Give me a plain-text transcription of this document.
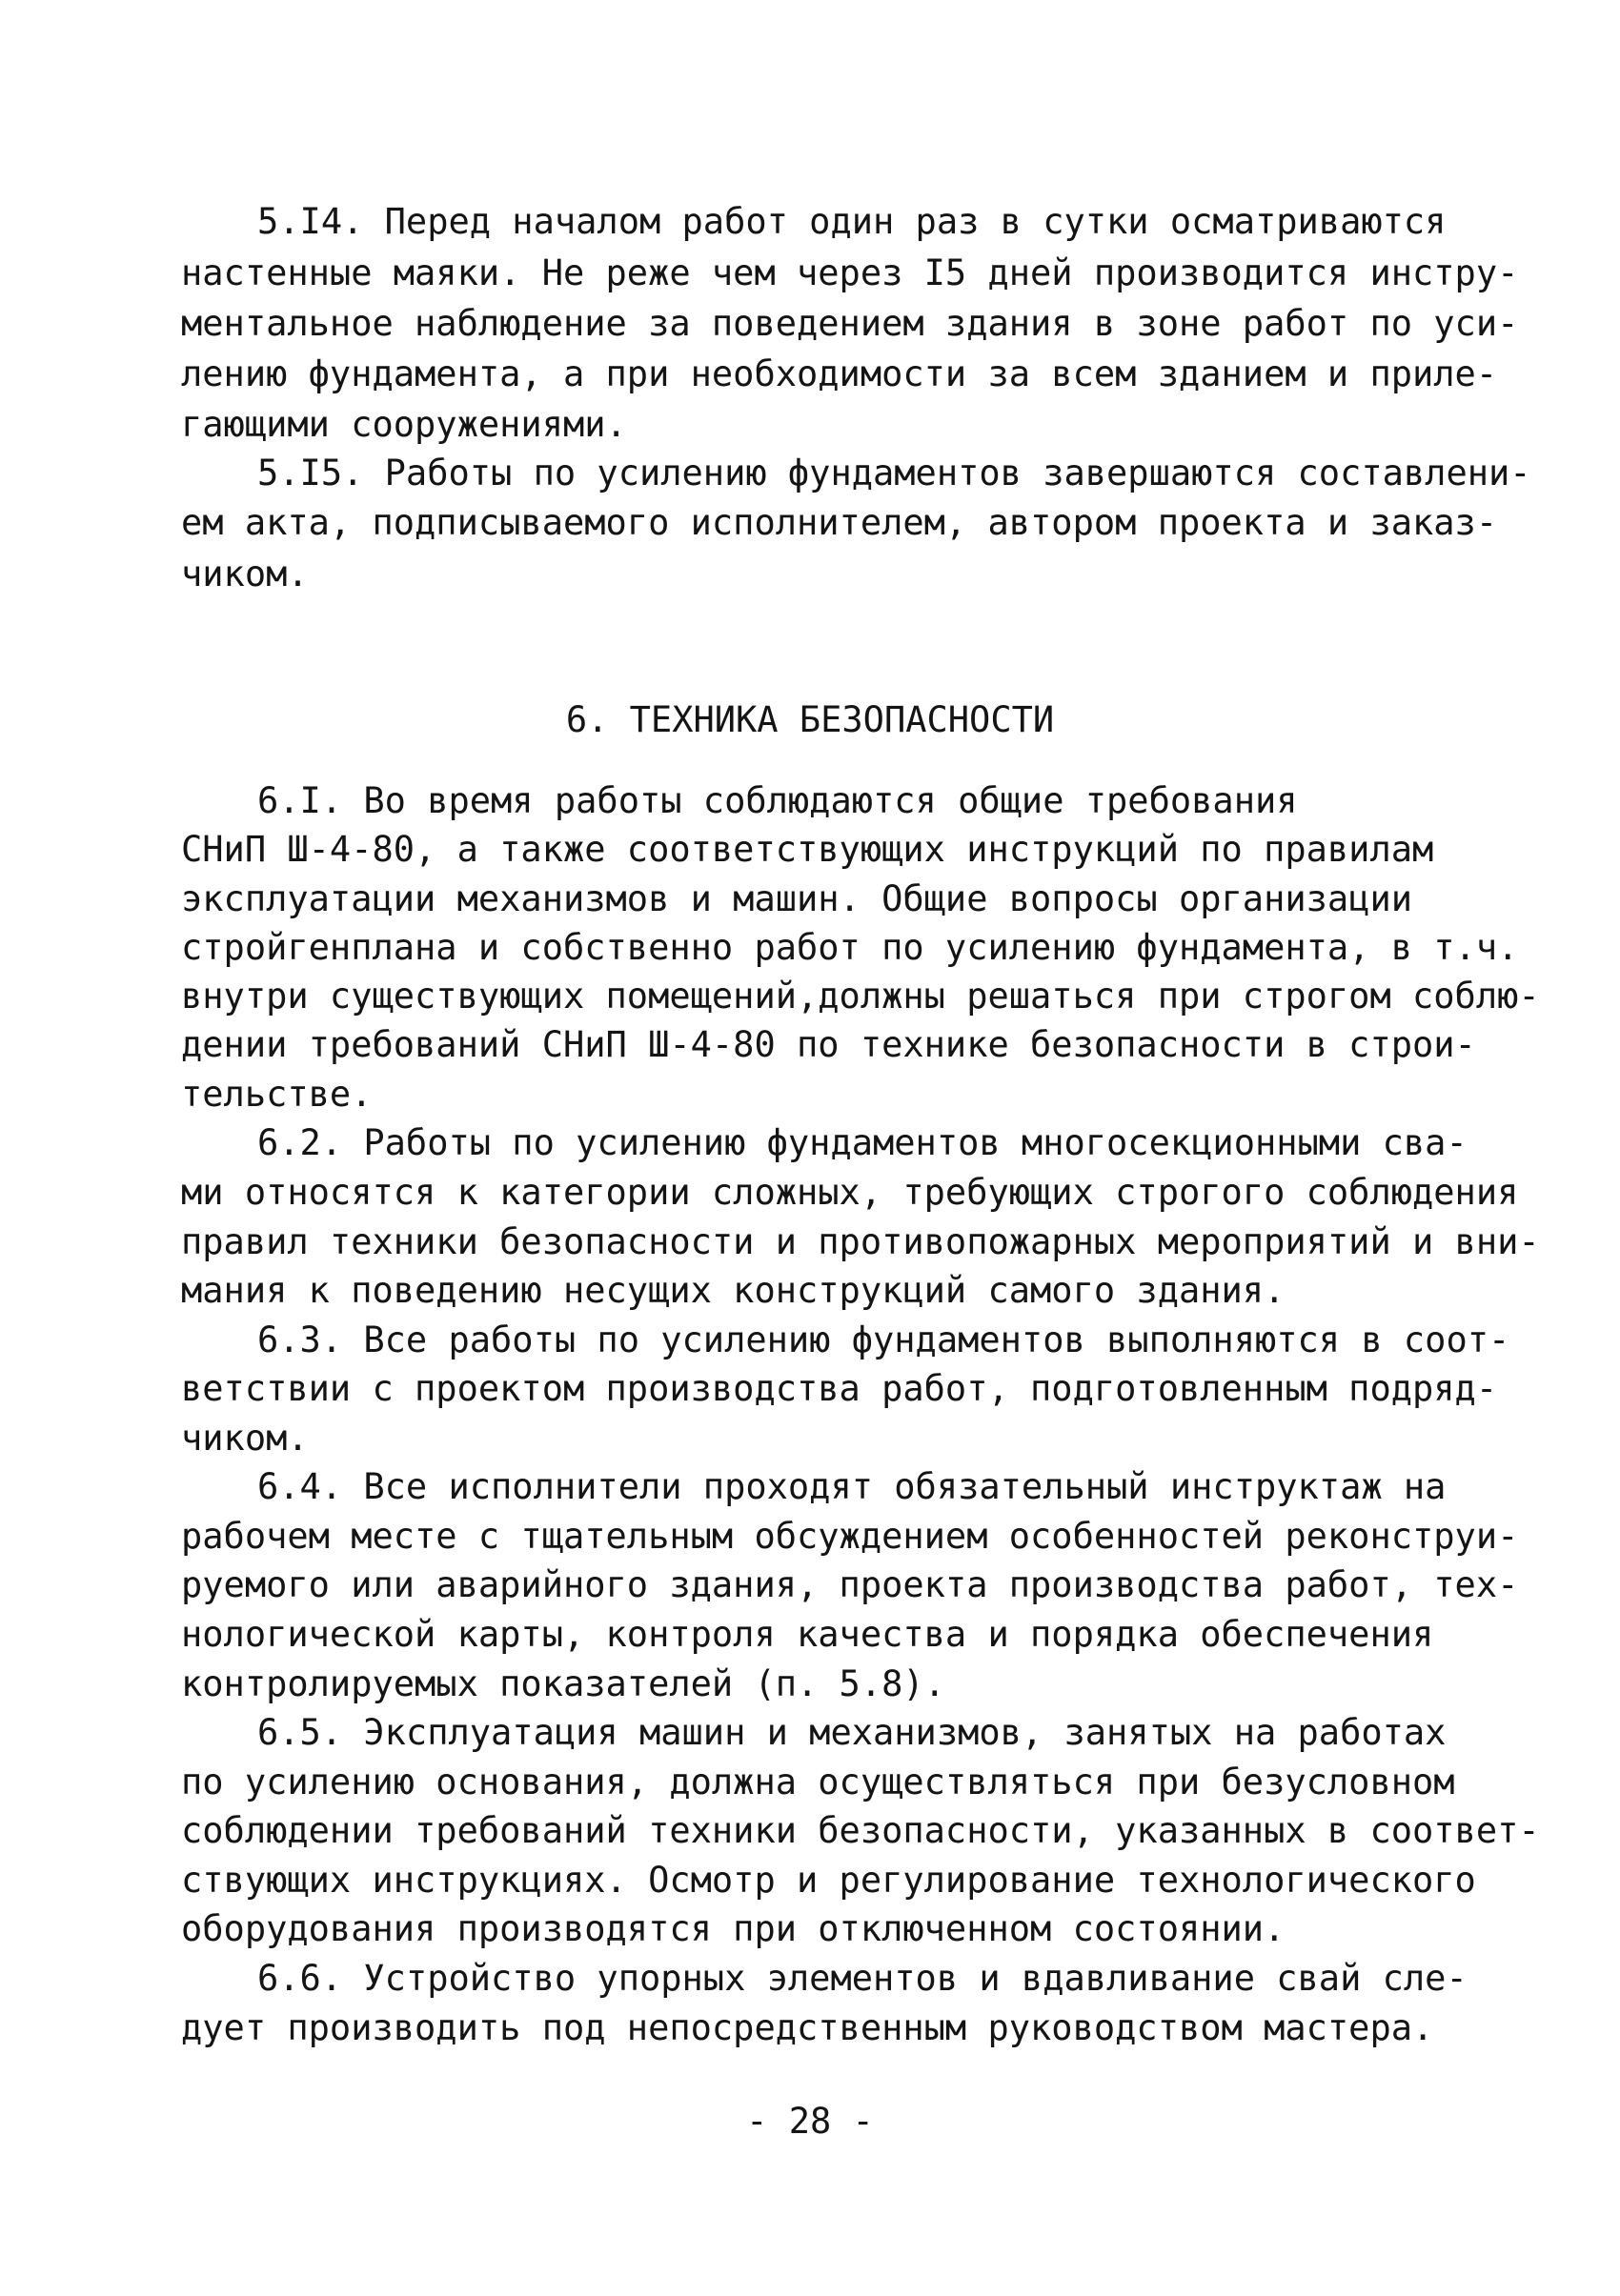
5.I4. Перед началом работ один раз в сутки осматриваются
настенные маяки. Не реже чем через I5 дней производится инстру-
ментальное наблюдение за поведением здания в зоне работ по уси-
лению фундамента, а при необходимости за всем зданием и приле-
гающими сооружениями.
5.I5. Работы по усилению фундаментов завершаются составлени-
ем акта, подписываемого исполнителем, автором проекта и заказ-
чиком.
6. ТЕХНИКА БЕЗОПАСНОСТИ
6.I. Во время работы соблюдаются общие требования
СНиП Ш-4-80, а также соответствующих инструкций по правилам
эксплуатации механизмов и машин. Общие вопросы организации
стройгенплана и собственно работ по усилению фундамента, в т.ч.
внутри существующих помещений,должны решаться при строгом соблю-
дении требований СНиП Ш-4-80 по технике безопасности в строи-
тельстве.
6.2. Работы по усилению фундаментов многосекционными сва-
ми относятся к категории сложных, требующих строгого соблюдения
правил техники безопасности и противопожарных мероприятий и вни-
мания к поведению несущих конструкций самого здания.
6.3. Все работы по усилению фундаментов выполняются в соот-
ветствии с проектом производства работ, подготовленным подряд-
чиком.
6.4. Все исполнители проходят обязательный инструктаж на
рабочем месте с тщательным обсуждением особенностей реконструи-
руемого или аварийного здания, проекта производства работ, тех-
нологической карты, контроля качества и порядка обеспечения
контролируемых показателей (п. 5.8).
6.5. Эксплуатация машин и механизмов, занятых на работах
по усилению основания, должна осуществляться при безусловном
соблюдении требований техники безопасности, указанных в соответ-
ствующих инструкциях. Осмотр и регулирование технологического
оборудования производятся при отключенном состоянии.
6.6. Устройство упорных элементов и вдавливание свай сле-
дует производить под непосредственным руководством мастера.
- 28 -
